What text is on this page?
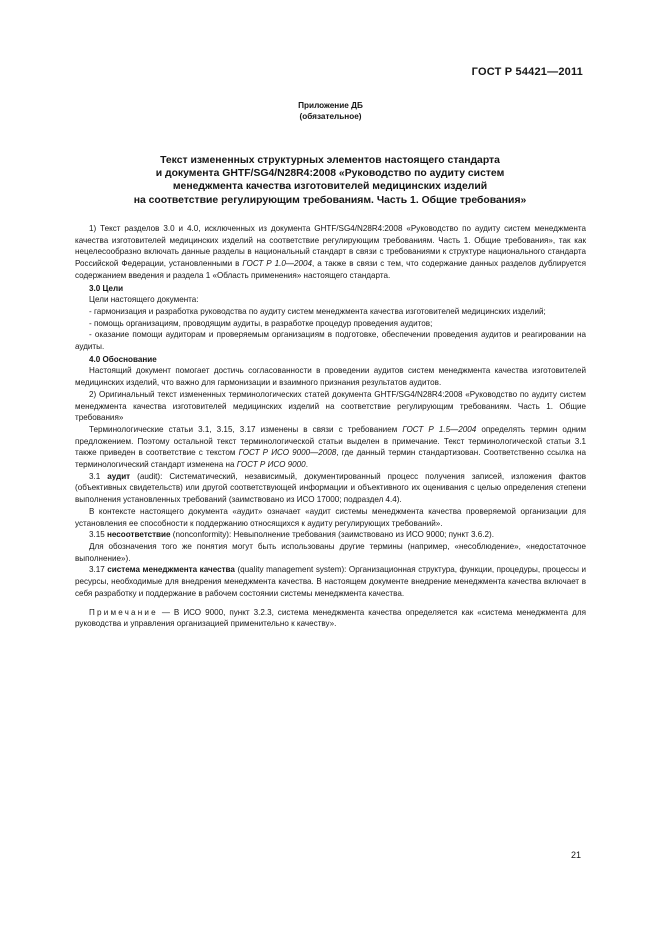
ГОСТ Р 54421—2011
Приложение ДБ
(обязательное)
Текст измененных структурных элементов настоящего стандарта
и документа GHTF/SG4/N28R4:2008 «Руководство по аудиту систем
менеджмента качества изготовителей медицинских изделий
на соответствие регулирующим требованиям. Часть 1. Общие требования»

1) Текст разделов 3.0 и 4.0, исключенных из документа GHTF/SG4/N28R4:2008 «Руководство по аудиту систем менеджмента качества изготовителей медицинских изделий на соответствие регулирующим требованиям. Часть 1. Общие требования», так как нецелесообразно включать данные разделы в национальный стандарт в связи с требованиями к структуре национального стандарта Российской Федерации, установленными в ГОСТ Р 1.0—2004, а также в связи с тем, что содержание данных разделов дублируется содержанием введения и раздела 1 «Область применения» настоящего стандарта.

3.0 Цели

Цели настоящего документа:

- гармонизация и разработка руководства по аудиту систем менеджмента качества изготовителей медицинских изделий;

- помощь организациям, проводящим аудиты, в разработке процедур проведения аудитов;

- оказание помощи аудиторам и проверяемым организациям в подготовке, обеспечении проведения аудитов и реагировании на аудиты.

4.0 Обоснование

Настоящий документ помогает достичь согласованности в проведении аудитов систем менеджмента качества изготовителей медицинских изделий, что важно для гармонизации и взаимного признания результатов аудитов.

2) Оригинальный текст измененных терминологических статей документа GHTF/SG4/N28R4:2008 «Руководство по аудиту систем менеджмента качества изготовителей медицинских изделий на соответствие регулирующим требованиям. Часть 1. Общие требования»

Терминологические статьи 3.1, 3.15, 3.17 изменены в связи с требованием ГОСТ Р 1.5—2004 определять термин одним предложением. Поэтому остальной текст терминологической статьи выделен в примечание. Текст терминологической статьи 3.1 также приведен в соответствие с текстом ГОСТ Р ИСО 9000—2008, где данный термин стандартизован. Соответственно ссылка на терминологический стандарт изменена на ГОСТ Р ИСО 9000.

3.1 аудит (audit): Систематический, независимый, документированный процесс получения записей, изложения фактов (объективных свидетельств) или другой соответствующей информации и объективного их оценивания с целью определения степени выполнения установленных требований (заимствовано из ИСО 17000; подраздел 4.4).

В контексте настоящего документа «аудит» означает «аудит системы менеджмента качества проверяемой организации для установления ее способности к поддержанию относящихся к аудиту регулирующих требований».

3.15 несоответствие (nonconformity): Невыполнение требования (заимствовано из ИСО 9000; пункт 3.6.2).

Для обозначения того же понятия могут быть использованы другие термины (например, «несоблюдение», «недостаточное выполнение»).

3.17 система менеджмента качества (quality management system): Организационная структура, функции, процедуры, процессы и ресурсы, необходимые для внедрения менеджмента качества. В настоящем документе внедрение менеджмента качества включает в себя разработку и поддержание в рабочем состоянии системы менеджмента качества.

Примечание — В ИСО 9000, пункт 3.2.3, система менеджмента качества определяется как «система менеджмента для руководства и управления организацией применительно к качеству».

21
